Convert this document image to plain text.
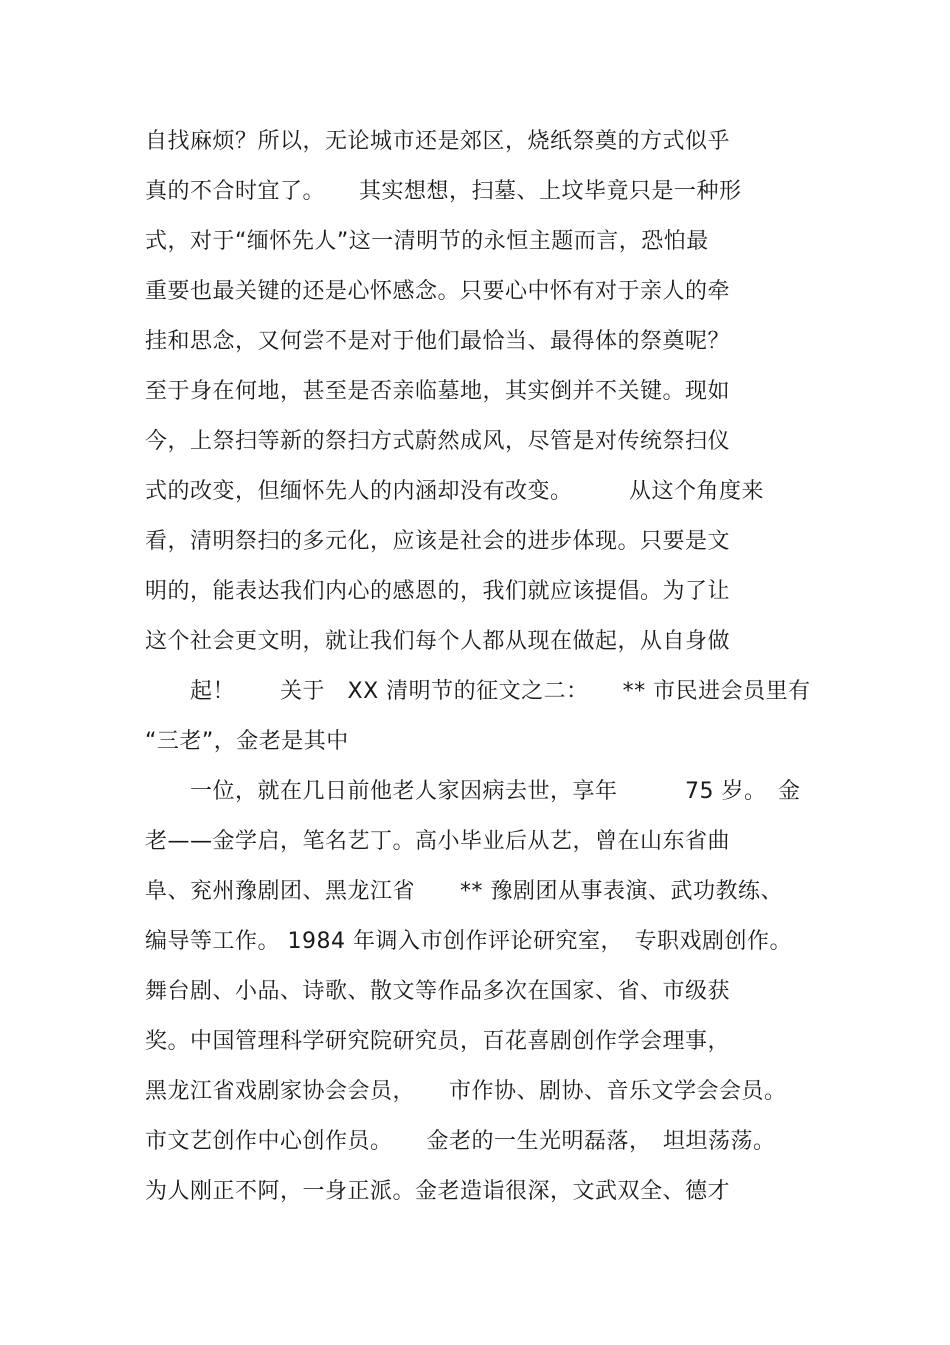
自找麻烦？所以，无论城市还是郊区，烧纸祭奠的方式似乎
真的不合时宜了。　　其实想想，扫墓、上坟毕竟只是一种形
式，对于“缅怀先人”这一清明节的永恒主题而言，恐怕最
重要也最关键的还是心怀感念。只要心中怀有对于亲人的牵
挂和思念，又何尝不是对于他们最恰当、最得体的祭奠呢？
至于身在何地，甚至是否亲临墓地，其实倒并不关键。现如
今，上祭扫等新的祭扫方式蔚然成风，尽管是对传统祭扫仪
式的改变，但缅怀先人的内涵却没有改变。　　　从这个角度来
看，清明祭扫的多元化，应该是社会的进步体现。只要是文
明的，能表达我们内心的感恩的，我们就应该提倡。为了让
这个社会更文明，就让我们每个人都从现在做起，从自身做
　　起！　　关于　XX 清明节的征文之二：　　** 市民进会员里有
“三老”，金老是其中
　　一位，就在几日前他老人家因病去世，享年　　　75 岁。　金
老——金学启，笔名艺丁。高小毕业后从艺，曾在山东省曲
阜、兖州豫剧团、黑龙江省　　** 豫剧团从事表演、武功教练、
编导等工作。 1984 年调入市创作评论研究室，　专职戏剧创作。
舞台剧、小品、诗歌、散文等作品多次在国家、省、市级获
奖。中国管理科学研究院研究员，百花喜剧创作学会理事，
黑龙江省戏剧家协会会员，　　市作协、剧协、音乐文学会会员。
市文艺创作中心创作员。　　金老的一生光明磊落，　坦坦荡荡。
为人刚正不阿，一身正派。金老造诣很深，文武双全、德才
